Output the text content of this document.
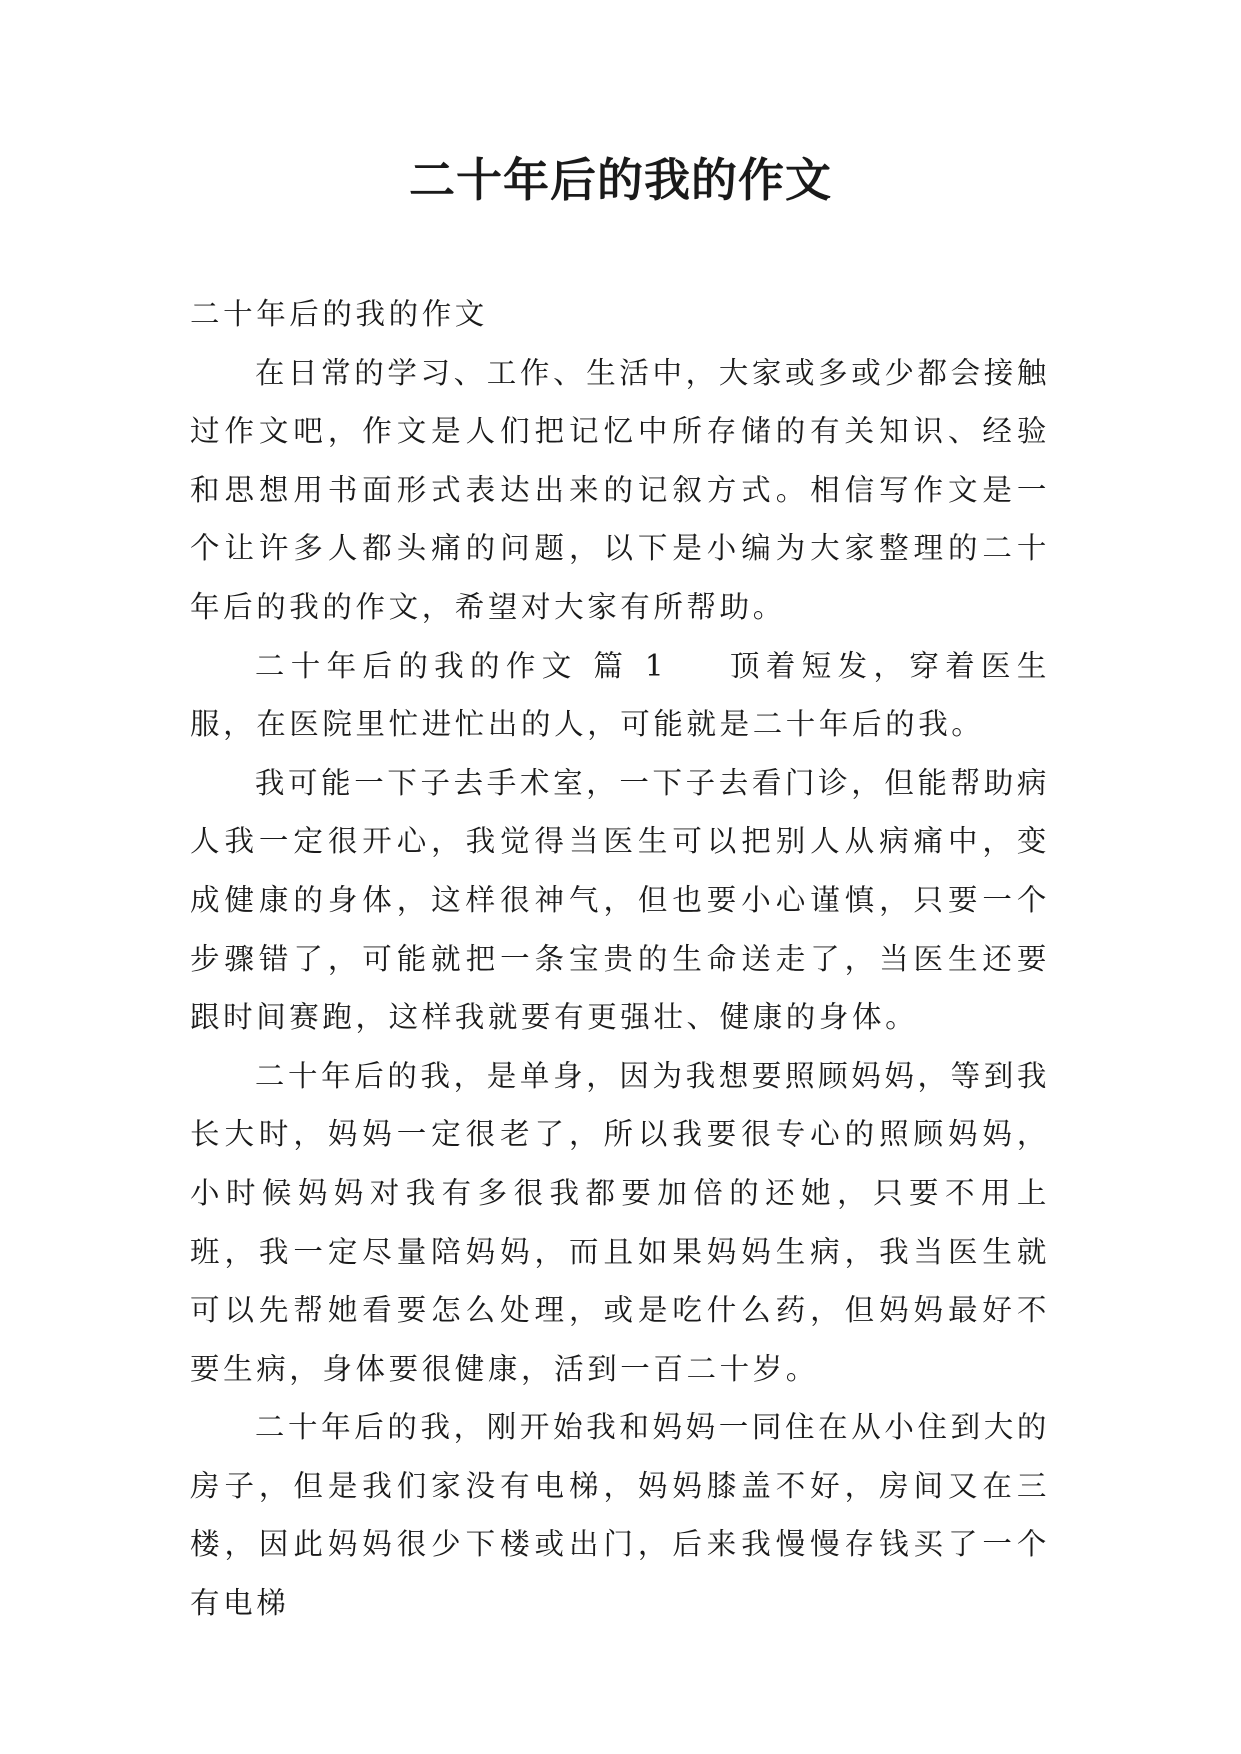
二十年后的我的作文

二十年后的我的作文

在日常的学习、工作、生活中，大家或多或少都会接触过作文吧，作文是人们把记忆中所存储的有关知识、经验和思想用书面形式表达出来的记叙方式。相信写作文是一个让许多人都头痛的问题，以下是小编为大家整理的二十年后的我的作文，希望对大家有所帮助。

二十年后的我的作文 篇 1 顶着短发，穿着医生服，在医院里忙进忙出的人，可能就是二十年后的我。

我可能一下子去手术室，一下子去看门诊，但能帮助病人我一定很开心，我觉得当医生可以把别人从病痛中，变成健康的身体，这样很神气，但也要小心谨慎，只要一个步骤错了，可能就把一条宝贵的生命送走了，当医生还要跟时间赛跑，这样我就要有更强壮、健康的身体。

二十年后的我，是单身，因为我想要照顾妈妈，等到我长大时，妈妈一定很老了，所以我要很专心的照顾妈妈，小时候妈妈对我有多很我都要加倍的还她，只要不用上班，我一定尽量陪妈妈，而且如果妈妈生病，我当医生就可以先帮她看要怎么处理，或是吃什么药，但妈妈最好不要生病，身体要很健康，活到一百二十岁。

二十年后的我，刚开始我和妈妈一同住在从小住到大的房子，但是我们家没有电梯，妈妈膝盖不好，房间又在三楼，因此妈妈很少下楼或出门，后来我慢慢存钱买了一个有电梯
